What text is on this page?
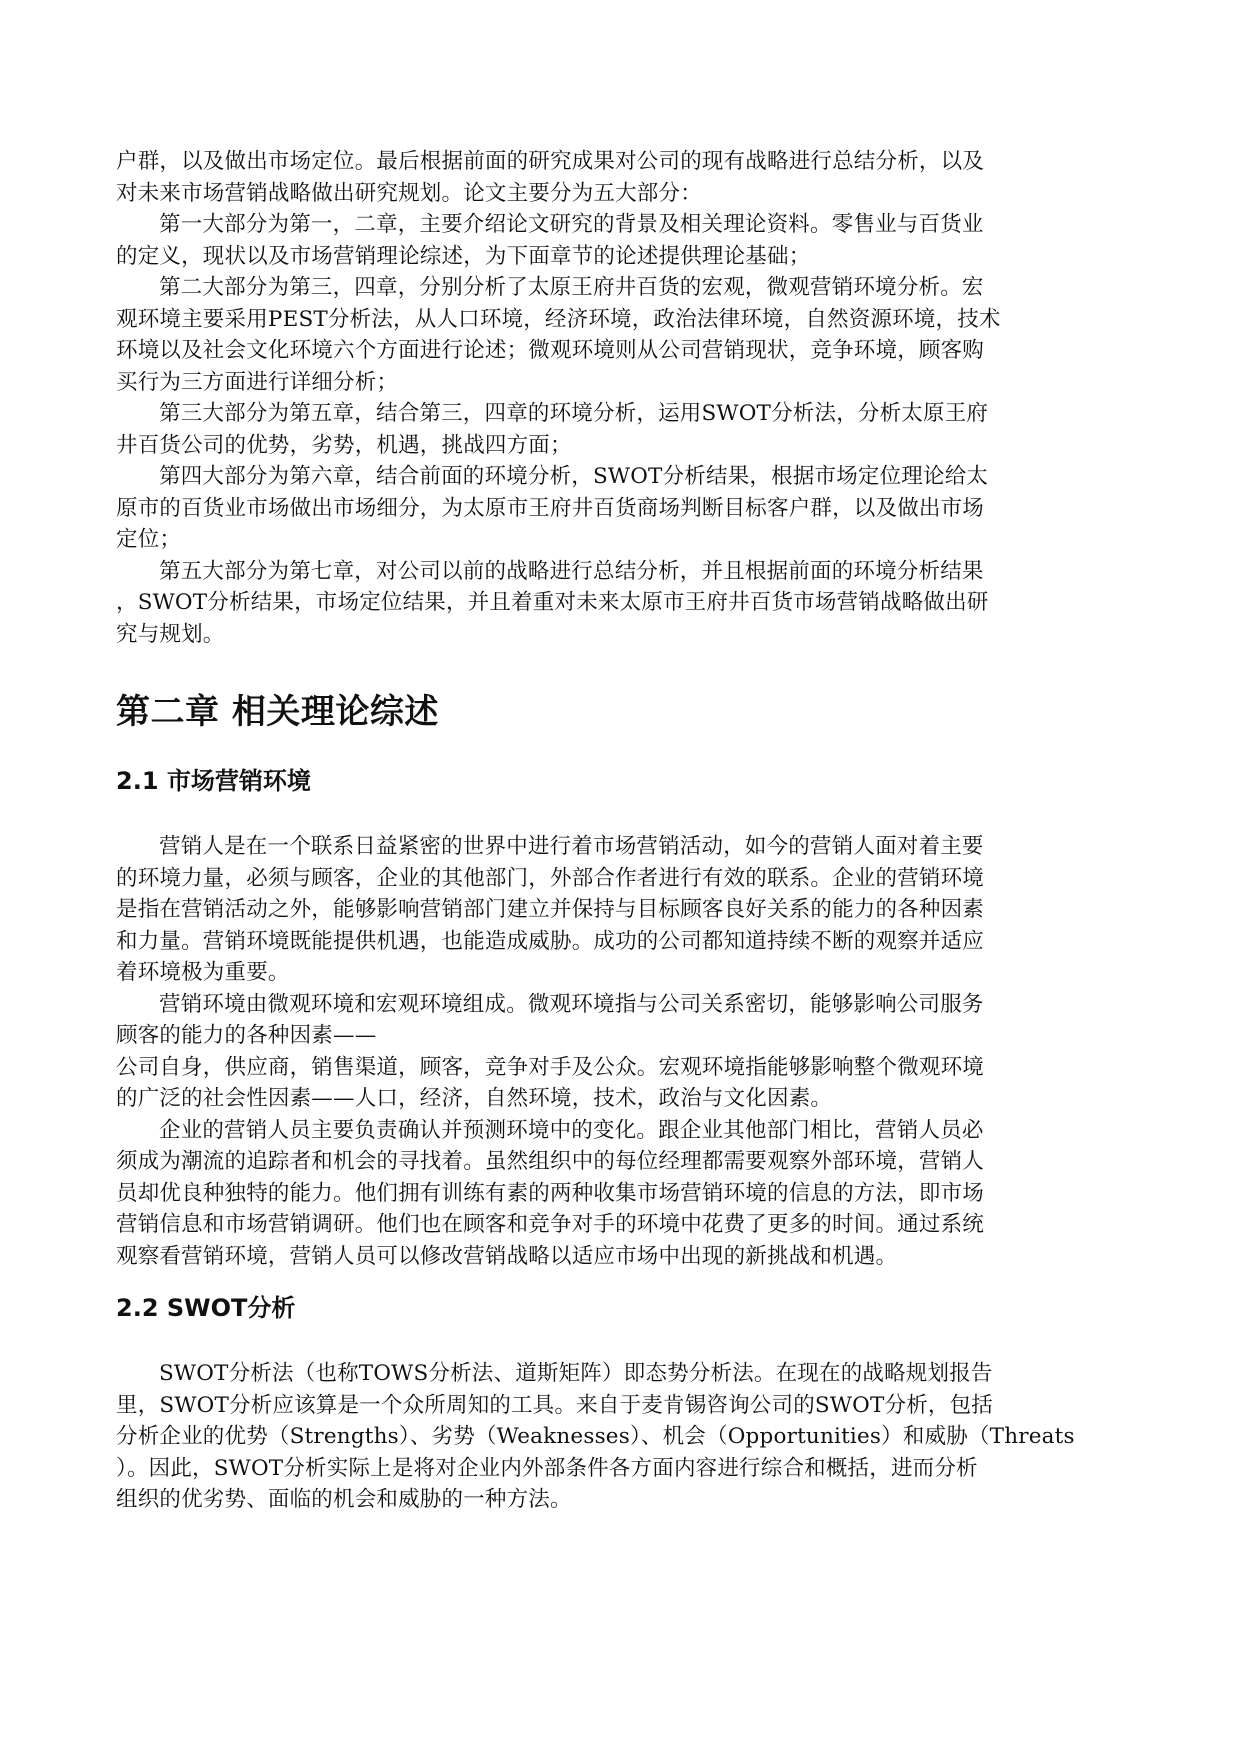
户群，以及做出市场定位。最后根据前面的研究成果对公司的现有战略进行总结分析，以及
对未来市场营销战略做出研究规划。论文主要分为五大部分：
第一大部分为第一，二章，主要介绍论文研究的背景及相关理论资料。零售业与百货业
的定义，现状以及市场营销理论综述，为下面章节的论述提供理论基础；
第二大部分为第三，四章，分别分析了太原王府井百货的宏观，微观营销环境分析。宏
观环境主要采用PEST分析法，从人口环境，经济环境，政治法律环境，自然资源环境，技术
环境以及社会文化环境六个方面进行论述；微观环境则从公司营销现状，竞争环境，顾客购
买行为三方面进行详细分析；
第三大部分为第五章，结合第三，四章的环境分析，运用SWOT分析法，分析太原王府
井百货公司的优势，劣势，机遇，挑战四方面；
第四大部分为第六章，结合前面的环境分析，SWOT分析结果，根据市场定位理论给太
原市的百货业市场做出市场细分，为太原市王府井百货商场判断目标客户群，以及做出市场
定位；
第五大部分为第七章，对公司以前的战略进行总结分析，并且根据前面的环境分析结果
，SWOT分析结果，市场定位结果，并且着重对未来太原市王府井百货市场营销战略做出研
究与规划。
第二章 相关理论综述
2.1 市场营销环境
营销人是在一个联系日益紧密的世界中进行着市场营销活动，如今的营销人面对着主要
的环境力量，必须与顾客，企业的其他部门，外部合作者进行有效的联系。企业的营销环境
是指在营销活动之外，能够影响营销部门建立并保持与目标顾客良好关系的能力的各种因素
和力量。营销环境既能提供机遇，也能造成威胁。成功的公司都知道持续不断的观察并适应
着环境极为重要。
营销环境由微观环境和宏观环境组成。微观环境指与公司关系密切，能够影响公司服务
顾客的能力的各种因素——
公司自身，供应商，销售渠道，顾客，竞争对手及公众。宏观环境指能够影响整个微观环境
的广泛的社会性因素——人口，经济，自然环境，技术，政治与文化因素。
企业的营销人员主要负责确认并预测环境中的变化。跟企业其他部门相比，营销人员必
须成为潮流的追踪者和机会的寻找着。虽然组织中的每位经理都需要观察外部环境，营销人
员却优良种独特的能力。他们拥有训练有素的两种收集市场营销环境的信息的方法，即市场
营销信息和市场营销调研。他们也在顾客和竞争对手的环境中花费了更多的时间。通过系统
观察看营销环境，营销人员可以修改营销战略以适应市场中出现的新挑战和机遇。
2.2 SWOT分析
SWOT分析法（也称TOWS分析法、道斯矩阵）即态势分析法。在现在的战略规划报告
里，SWOT分析应该算是一个众所周知的工具。来自于麦肯锡咨询公司的SWOT分析，包括
分析企业的优势（Strengths）、劣势（Weaknesses）、机会（Opportunities）和威胁（Threats
）。因此，SWOT分析实际上是将对企业内外部条件各方面内容进行综合和概括，进而分析
组织的优劣势、面临的机会和威胁的一种方法。
